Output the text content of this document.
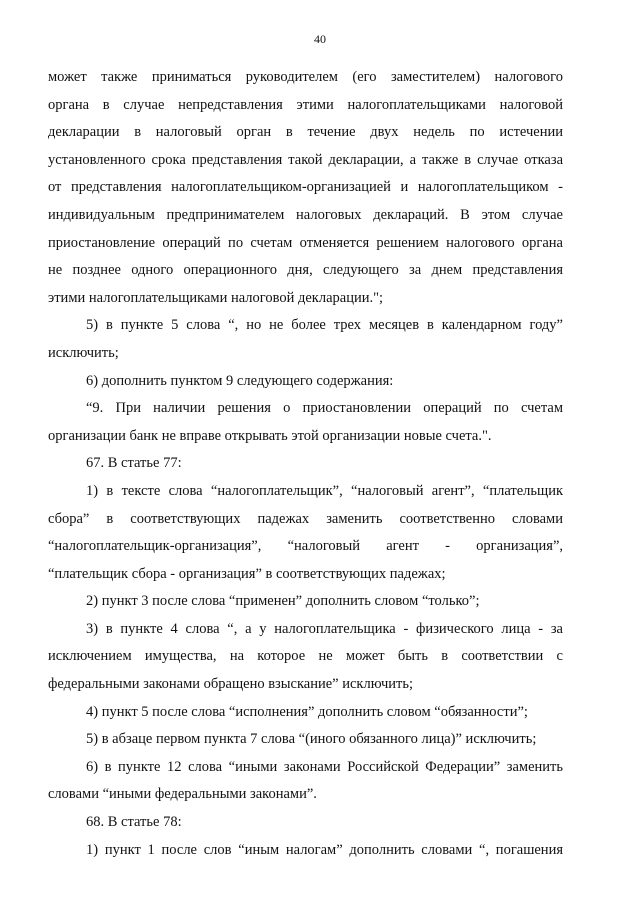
40
может также приниматься руководителем (его заместителем) налогового
органа в случае непредставления этими налогоплательщиками налоговой
декларации в налоговый орган в течение двух недель по истечении
установленного срока представления такой декларации, а также в случае отказа
от представления налогоплательщиком-организацией и налогоплательщиком -
индивидуальным предпринимателем налоговых деклараций. В этом случае
приостановление операций по счетам отменяется решением налогового органа
не позднее одного операционного дня, следующего за днем представления
этими налогоплательщиками налоговой декларации.";
5) в пункте 5 слова “, но не более трех месяцев в календарном году”
исключить;
6) дополнить пунктом 9 следующего содержания:
“9. При наличии решения о приостановлении операций по счетам
организации банк не вправе открывать этой организации новые счета.".
67. В статье 77:
1) в тексте слова “налогоплательщик”, “налоговый агент”, “плательщик
сбора” в соответствующих падежах заменить соответственно словами
“налогоплательщик-организация”, “налоговый агент - организация”,
“плательщик сбора - организация” в соответствующих падежах;
2) пункт 3 после слова “применен” дополнить словом “только”;
3) в пункте 4 слова “, а у налогоплательщика - физического лица - за
исключением имущества, на которое не может быть в соответствии с
федеральными законами обращено взыскание” исключить;
4) пункт 5 после слова “исполнения” дополнить словом “обязанности”;
5) в абзаце первом пункта 7 слова “(иного обязанного лица)” исключить;
6) в пункте 12 слова “иными законами Российской Федерации” заменить
словами “иными федеральными законами”.
68. В статье 78:
1) пункт 1 после слов “иным налогам” дополнить словами “, погашения
